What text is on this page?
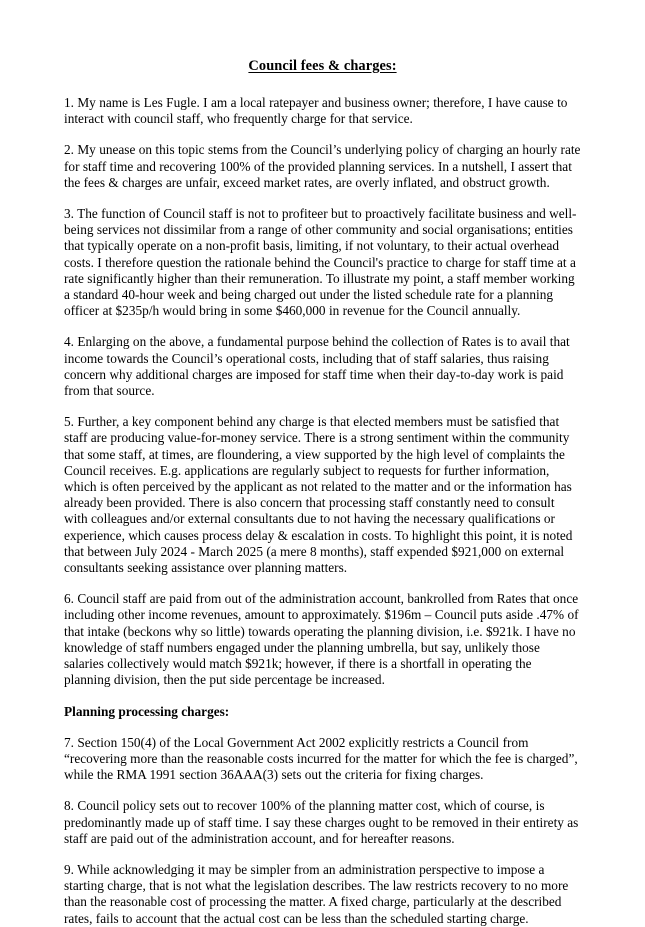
Council fees & charges:

1. My name is Les Fugle. I am a local ratepayer and business owner; therefore, I have cause to interact with council staff, who frequently charge for that service.

2. My unease on this topic stems from the Council’s underlying policy of charging an hourly rate for staff time and recovering 100% of the provided planning services. In a nutshell, I assert that the fees & charges are unfair, exceed market rates, are overly inflated, and obstruct growth.

3. The function of Council staff is not to profiteer but to proactively facilitate business and well-being services not dissimilar from a range of other community and social organisations; entities that typically operate on a non-profit basis, limiting, if not voluntary, to their actual overhead costs. I therefore question the rationale behind the Council's practice to charge for staff time at a rate significantly higher than their remuneration. To illustrate my point, a staff member working a standard 40-hour week and being charged out under the listed schedule rate for a planning officer at $235p/h would bring in some $460,000 in revenue for the Council annually.

4. Enlarging on the above, a fundamental purpose behind the collection of Rates is to avail that income towards the Council’s operational costs, including that of staff salaries, thus raising concern why additional charges are imposed for staff time when their day-to-day work is paid from that source.

5. Further, a key component behind any charge is that elected members must be satisfied that staff are producing value-for-money service. There is a strong sentiment within the community that some staff, at times, are floundering, a view supported by the high level of complaints the Council receives. E.g. applications are regularly subject to requests for further information, which is often perceived by the applicant as not related to the matter and or the information has already been provided. There is also concern that processing staff constantly need to consult with colleagues and/or external consultants due to not having the necessary qualifications or experience, which causes process delay & escalation in costs. To highlight this point, it is noted that between July 2024 - March 2025 (a mere 8 months), staff expended $921,000 on external consultants seeking assistance over planning matters.

6. Council staff are paid from out of the administration account, bankrolled from Rates that once including other income revenues, amount to approximately. $196m – Council puts aside .47% of that intake (beckons why so little) towards operating the planning division, i.e. $921k. I have no knowledge of staff numbers engaged under the planning umbrella, but say, unlikely those salaries collectively would match $921k; however, if there is a shortfall in operating the planning division, then the put side percentage be increased.

Planning processing charges:

7. Section 150(4) of the Local Government Act 2002 explicitly restricts a Council from “recovering more than the reasonable costs incurred for the matter for which the fee is charged”, while the RMA 1991 section 36AAA(3) sets out the criteria for fixing charges.

8. Council policy sets out to recover 100% of the planning matter cost, which of course, is predominantly made up of staff time. I say these charges ought to be removed in their entirety as staff are paid out of the administration account, and for hereafter reasons.

9. While acknowledging it may be simpler from an administration perspective to impose a starting charge, that is not what the legislation describes. The law restricts recovery to no more than the reasonable cost of processing the matter. A fixed charge, particularly at the described rates, fails to account that the actual cost can be less than the scheduled starting charge.
